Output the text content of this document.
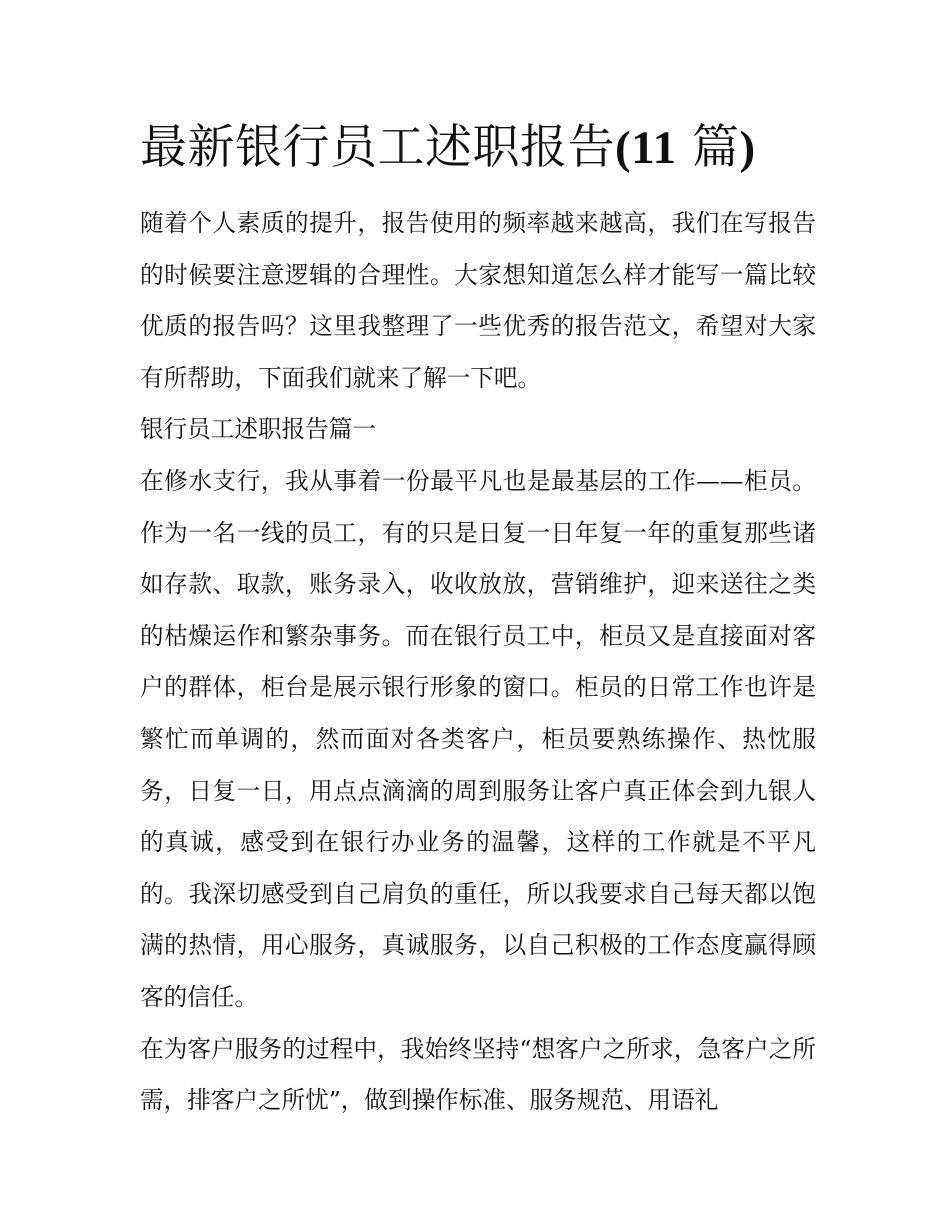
最新银行员工述职报告(11 篇)

随着个人素质的提升，报告使用的频率越来越高，我们在写报告的时候要注意逻辑的合理性。大家想知道怎么样才能写一篇比较优质的报告吗？这里我整理了一些优秀的报告范文，希望对大家有所帮助，下面我们就来了解一下吧。

银行员工述职报告篇一

在修水支行，我从事着一份最平凡也是最基层的工作——柜员。作为一名一线的员工，有的只是日复一日年复一年的重复那些诸如存款、取款，账务录入，收收放放，营销维护，迎来送往之类的枯燥运作和繁杂事务。而在银行员工中，柜员又是直接面对客户的群体，柜台是展示银行形象的窗口。柜员的日常工作也许是繁忙而单调的，然而面对各类客户，柜员要熟练操作、热忱服务，日复一日，用点点滴滴的周到服务让客户真正体会到九银人的真诚，感受到在银行办业务的温馨，这样的工作就是不平凡的。我深切感受到自己肩负的重任，所以我要求自己每天都以饱满的热情，用心服务，真诚服务，以自己积极的工作态度赢得顾客的信任。

在为客户服务的过程中，我始终坚持“想客户之所求，急客户之所需，排客户之所忧”，做到操作标准、服务规范、用语礼
